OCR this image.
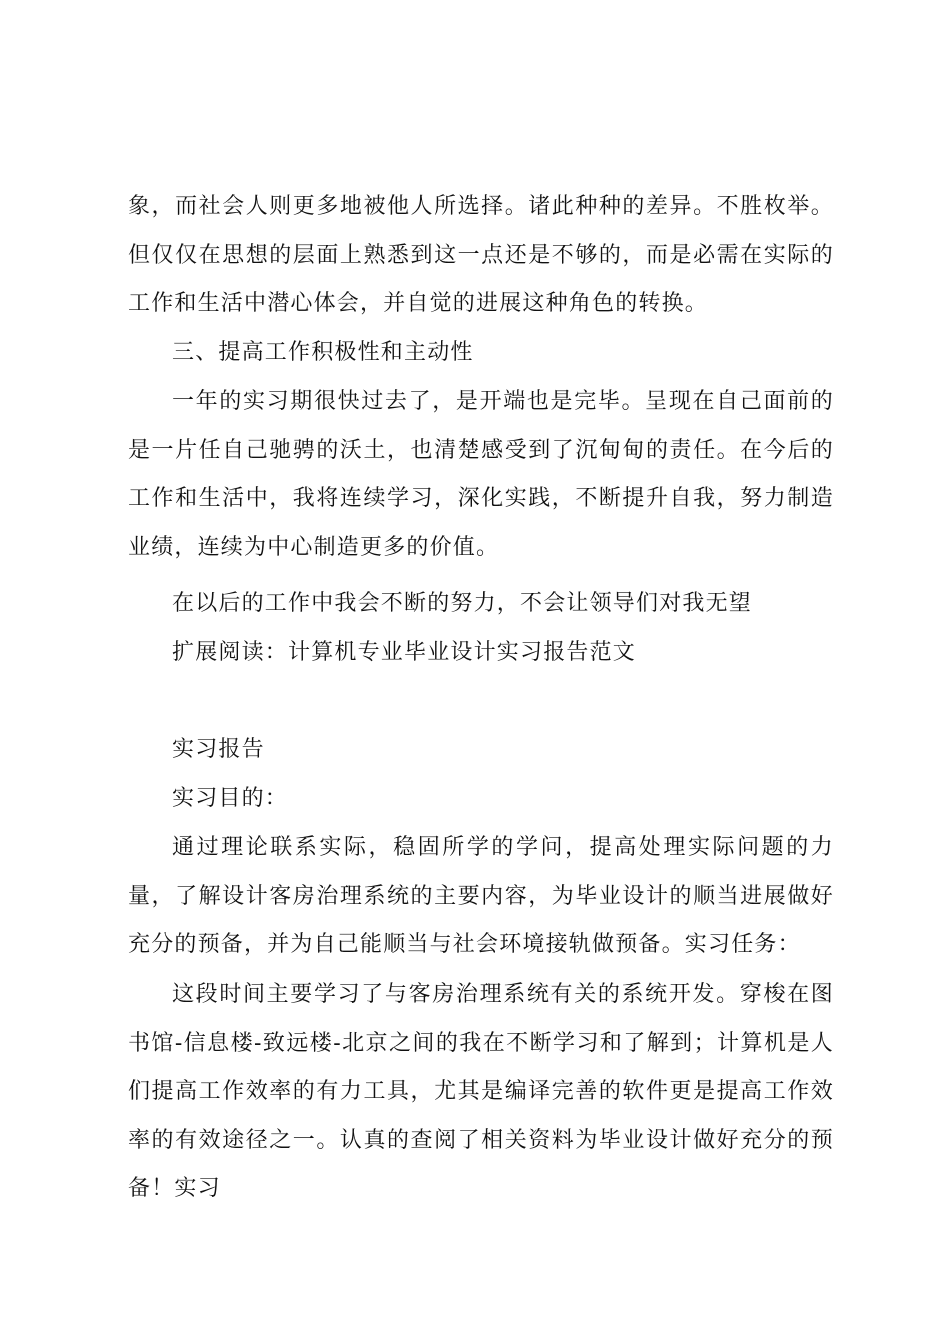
象，而社会人则更多地被他人所选择。诸此种种的差异。不胜枚举。但仅仅在思想的层面上熟悉到这一点还是不够的，而是必需在实际的工作和生活中潜心体会，并自觉的进展这种角色的转换。
三、提高工作积极性和主动性
一年的实习期很快过去了，是开端也是完毕。呈现在自己面前的是一片任自己驰骋的沃土，也清楚感受到了沉甸甸的责任。在今后的工作和生活中，我将连续学习，深化实践，不断提升自我，努力制造业绩，连续为中心制造更多的价值。
在以后的工作中我会不断的努力，不会让领导们对我无望
扩展阅读：计算机专业毕业设计实习报告范文
实习报告
实习目的：
通过理论联系实际，稳固所学的学问，提高处理实际问题的力量，了解设计客房治理系统的主要内容，为毕业设计的顺当进展做好充分的预备，并为自己能顺当与社会环境接轨做预备。实习任务：
这段时间主要学习了与客房治理系统有关的系统开发。穿梭在图书馆-信息楼-致远楼-北京之间的我在不断学习和了解到；计算机是人们提高工作效率的有力工具，尤其是编译完善的软件更是提高工作效率的有效途径之一。认真的查阅了相关资料为毕业设计做好充分的预备！实习
